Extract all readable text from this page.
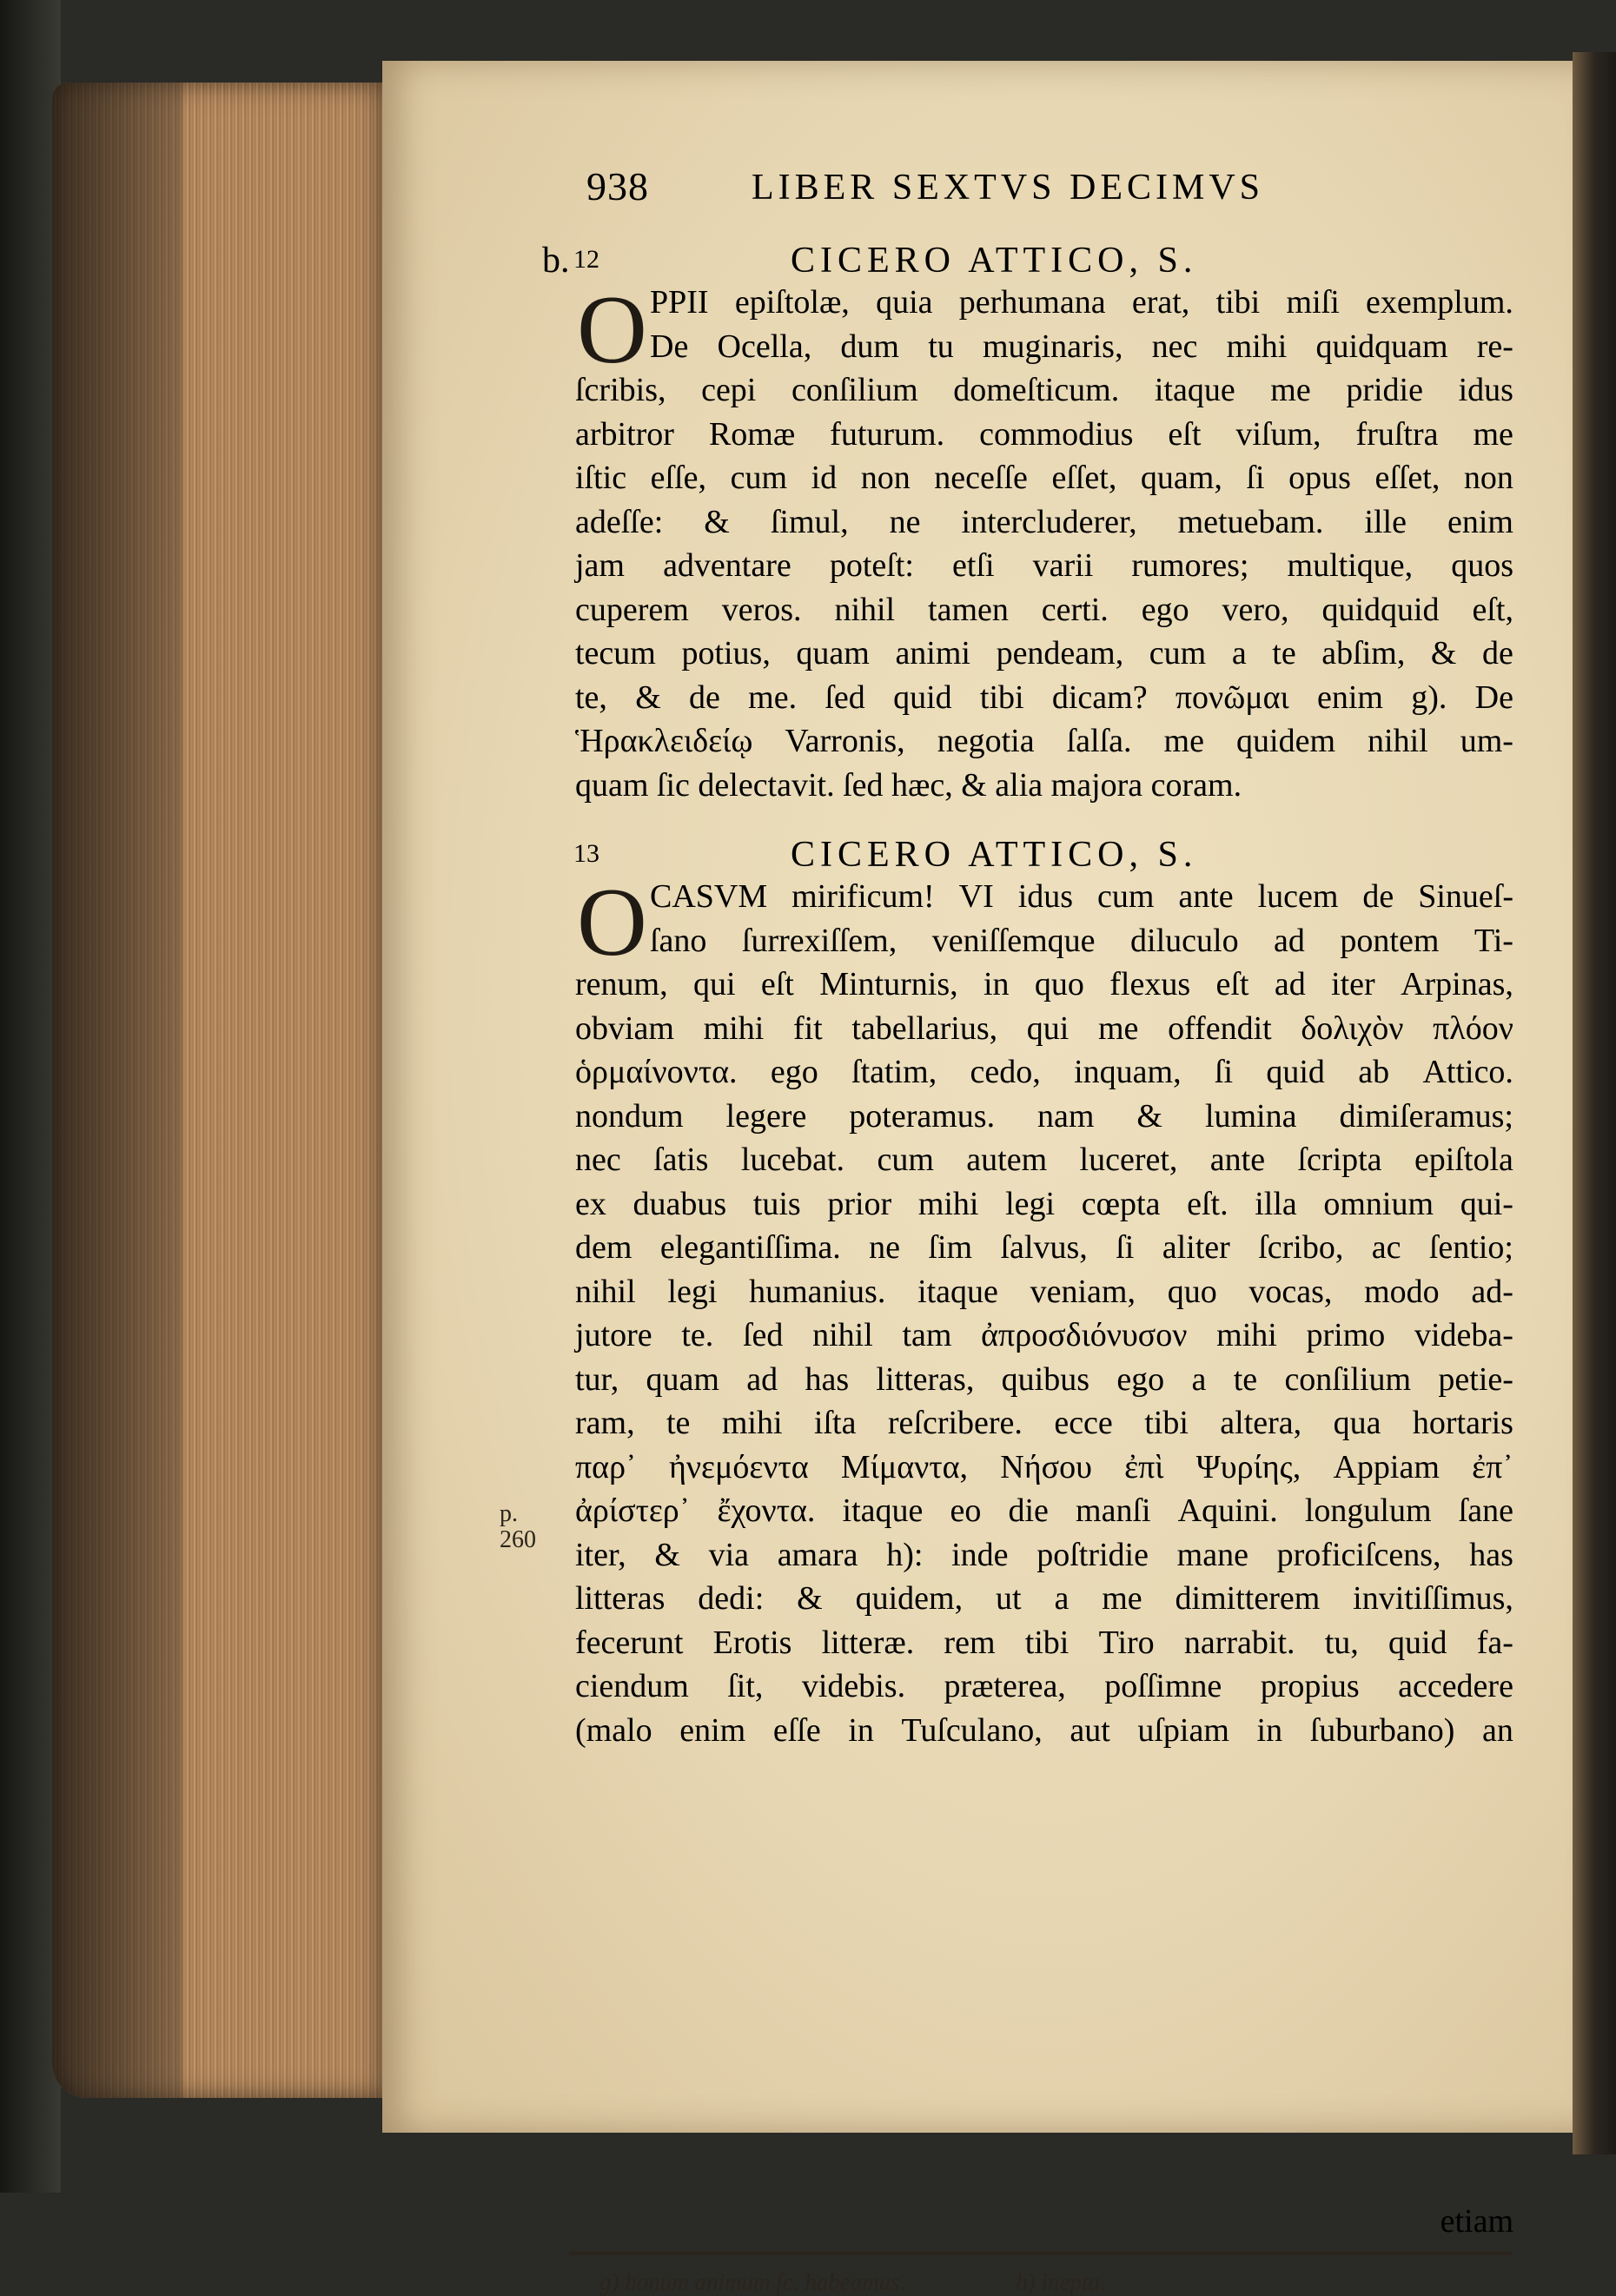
938	LIBER SEXTVS DECIMVS
b. 12	CICERO ATTICO, S.
O PPII epiſtolæ, quia perhumana erat, tibi miſi exemplum.
De Ocella, dum tu muginaris, nec mihi quidquam re-
ſcribis, cepi conſilium domeſticum. itaque me pridie idus
arbitror Romæ futurum. commodius eſt viſum, fruſtra me
iſtic eſſe, cum id non neceſſe eſſet, quam, ſi opus eſſet, non
adeſſe: & ſimul, ne intercluderer, metuebam. ille enim
jam adventare poteſt: etſi varii rumores; multique, quos
cuperem veros. nihil tamen certi. ego vero, quidquid eſt,
tecum potius, quam animi pendeam, cum a te abſim, & de
te, & de me. ſed quid tibi dicam? πονῶμαι enim g). De
Ἡρακλειδείῳ Varronis, negotia ſalſa. me quidem nihil um-
quam ſic delectavit. ſed hæc, & alia majora coram.
13	CICERO ATTICO, S.
O CASVM mirificum! VI idus cum ante lucem de Sinueſ-
ſano ſurrexiſſem, veniſſemque diluculo ad pontem Ti-
renum, qui eſt Minturnis, in quo flexus eſt ad iter Arpinas,
obviam mihi fit tabellarius, qui me offendit δολιχὸν πλόον
ὁρμαίνοντα. ego ſtatim, cedo, inquam, ſi quid ab Attico.
nondum legere poteramus. nam & lumina dimiſeramus;
nec ſatis lucebat. cum autem luceret, ante ſcripta epiſtola
ex duabus tuis prior mihi legi cœpta eſt. illa omnium qui-
dem elegantiſſima. ne ſim ſalvus, ſi aliter ſcribo, ac ſentio;
nihil legi humanius. itaque veniam, quo vocas, modo ad-
jutore te. ſed nihil tam ἀπροσδιόνυσον mihi primo videba-
tur, quam ad has litteras, quibus ego a te conſilium petie-
ram, te mihi iſta reſcribere. ecce tibi altera, qua hortaris
παρ᾽ ἠνεμόεντα Μίμαντα, Νήσου ἐπὶ Ψυρίης, Appiam ἐπ᾽
ἀρίστερ᾽ ἔχοντα. itaque eo die manſi Aquini. longulum ſane
iter, & via amara h): inde poſtridie mane proficiſcens, has
litteras dedi: & quidem, ut a me dimitterem invitiſſimus,
fecerunt Erotis litteræ. rem tibi Tiro narrabit. tu, quid fa-
ciendum ſit, videbis. præterea, poſſimne propius accedere
(malo enim eſſe in Tuſculano, aut uſpiam in ſuburbano) an
p.
260
etiam
g) bonum animum ſc. habeamus.	h) inepta.
